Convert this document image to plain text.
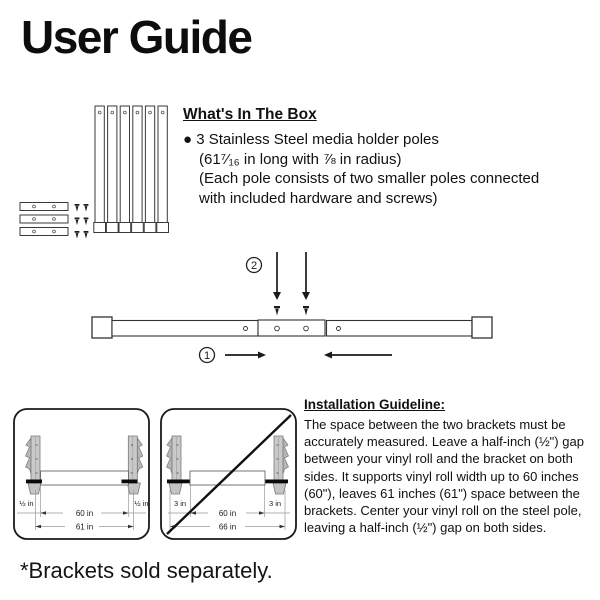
User Guide
What's In The Box
● 3 Stainless Steel media holder poles
(61⁷⁄₁₆ in long with ⅞ in radius)
(Each pole consists of two smaller poles connected
with included hardware and screws)
2
1
½ in	½ in
60 in
61 in
3 in	3 in
60 in
66 in
Installation Guideline:
The space between the two brackets must be accurately measured. Leave a half-inch (½") gap between your vinyl roll and the bracket on both sides. It supports vinyl roll width up to 60 inches (60"), leaves 61 inches (61") space between the brackets. Center your vinyl roll on the steel pole, leaving a half-inch (½") gap on both sides.
*Brackets sold separately.
